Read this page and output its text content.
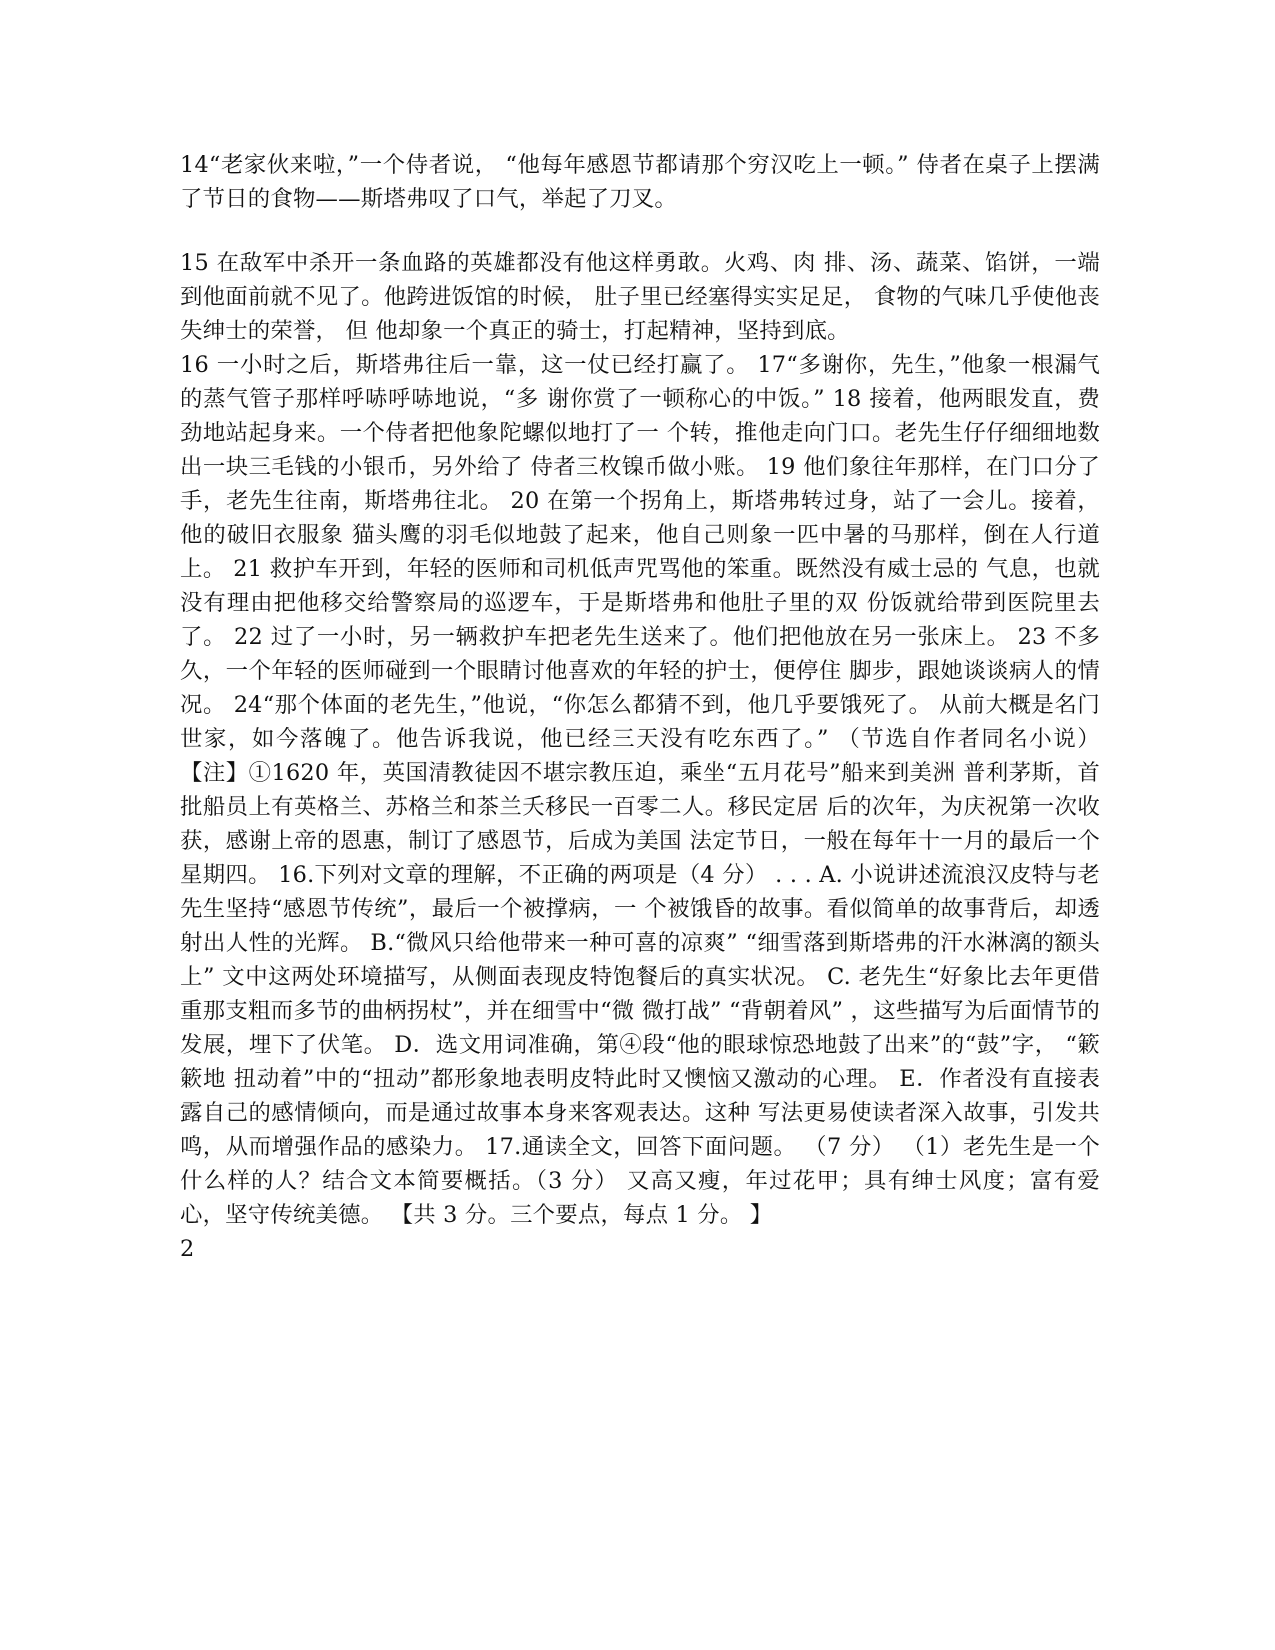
14“老家伙来啦，”一个侍者说， “他每年感恩节都请那个穷汉吃上一顿。” 侍者在桌子上摆满了节日的食物——斯塔弗叹了口气，举起了刀叉。

15 在敌军中杀开一条血路的英雄都没有他这样勇敢。火鸡、肉 排、汤、蔬菜、馅饼，一端到他面前就不见了。他跨进饭馆的时候， 肚子里已经塞得实实足足， 食物的气味几乎使他丧失绅士的荣誉， 但 他却象一个真正的骑士，打起精神，坚持到底。

16 一小时之后，斯塔弗往后一靠，这一仗已经打赢了。 17“多谢你，先生，”他象一根漏气的蒸气管子那样呼哧呼哧地说，“多 谢你赏了一顿称心的中饭。” 18 接着，他两眼发直，费劲地站起身来。一个侍者把他象陀螺似地打了一 个转，推他走向门口。老先生仔仔细细地数出一块三毛钱的小银币，另外给了 侍者三枚镍币做小账。 19 他们象往年那样，在门口分了手，老先生往南，斯塔弗往北。 20 在第一个拐角上，斯塔弗转过身，站了一会儿。接着，他的破旧衣服象 猫头鹰的羽毛似地鼓了起来，他自己则象一匹中暑的马那样，倒在人行道上。 21 救护车开到，年轻的医师和司机低声咒骂他的笨重。既然没有威士忌的 气息，也就没有理由把他移交给警察局的巡逻车，于是斯塔弗和他肚子里的双 份饭就给带到医院里去了。 22 过了一小时，另一辆救护车把老先生送来了。他们把他放在另一张床上。 23 不多久，一个年轻的医师碰到一个眼睛讨他喜欢的年轻的护士，便停住 脚步，跟她谈谈病人的情况。 24“那个体面的老先生，”他说，“你怎么都猜不到，他几乎要饿死了。 从前大概是名门世家，如今落魄了。他告诉我说，他已经三天没有吃东西了。” （节选自作者同名小说） 【注】①1620 年，英国清教徒因不堪宗教压迫，乘坐“五月花号”船来到美洲 普利茅斯，首批船员上有英格兰、苏格兰和茶兰夭移民一百零二人。移民定居 后的次年，为庆祝第一次收获，感谢上帝的恩惠，制订了感恩节，后成为美国 法定节日，一般在每年十一月的最后一个星期四。 16.下列对文章的理解，不正确的两项是（4 分） . . . A. 小说讲述流浪汉皮特与老先生坚持“感恩节传统”，最后一个被撑病，一 个被饿昏的故事。看似简单的故事背后，却透射出人性的光辉。 B.“微风只给他带来一种可喜的凉爽” “细雪落到斯塔弗的汗水淋漓的额头上” 文中这两处环境描写，从侧面表现皮特饱餐后的真实状况。 C. 老先生“好象比去年更借重那支粗而多节的曲柄拐杖”，并在细雪中“微 微打战” “背朝着风” ，这些描写为后面情节的发展，埋下了伏笔。 D．选文用词准确，第④段“他的眼球惊恐地鼓了出来”的“鼓”字， “簌簌地 扭动着”中的“扭动”都形象地表明皮特此时又懊恼又激动的心理。 E．作者没有直接表露自己的感情倾向，而是通过故事本身来客观表达。这种 写法更易使读者深入故事，引发共鸣，从而增强作品的感染力。 17.通读全文，回答下面问题。 （7 分） （1）老先生是一个什么样的人？结合文本简要概括。（3 分） 又高又瘦，年过花甲；具有绅士风度；富有爱心，坚守传统美德。 【共 3 分。三个要点，每点 1 分。 】

2
